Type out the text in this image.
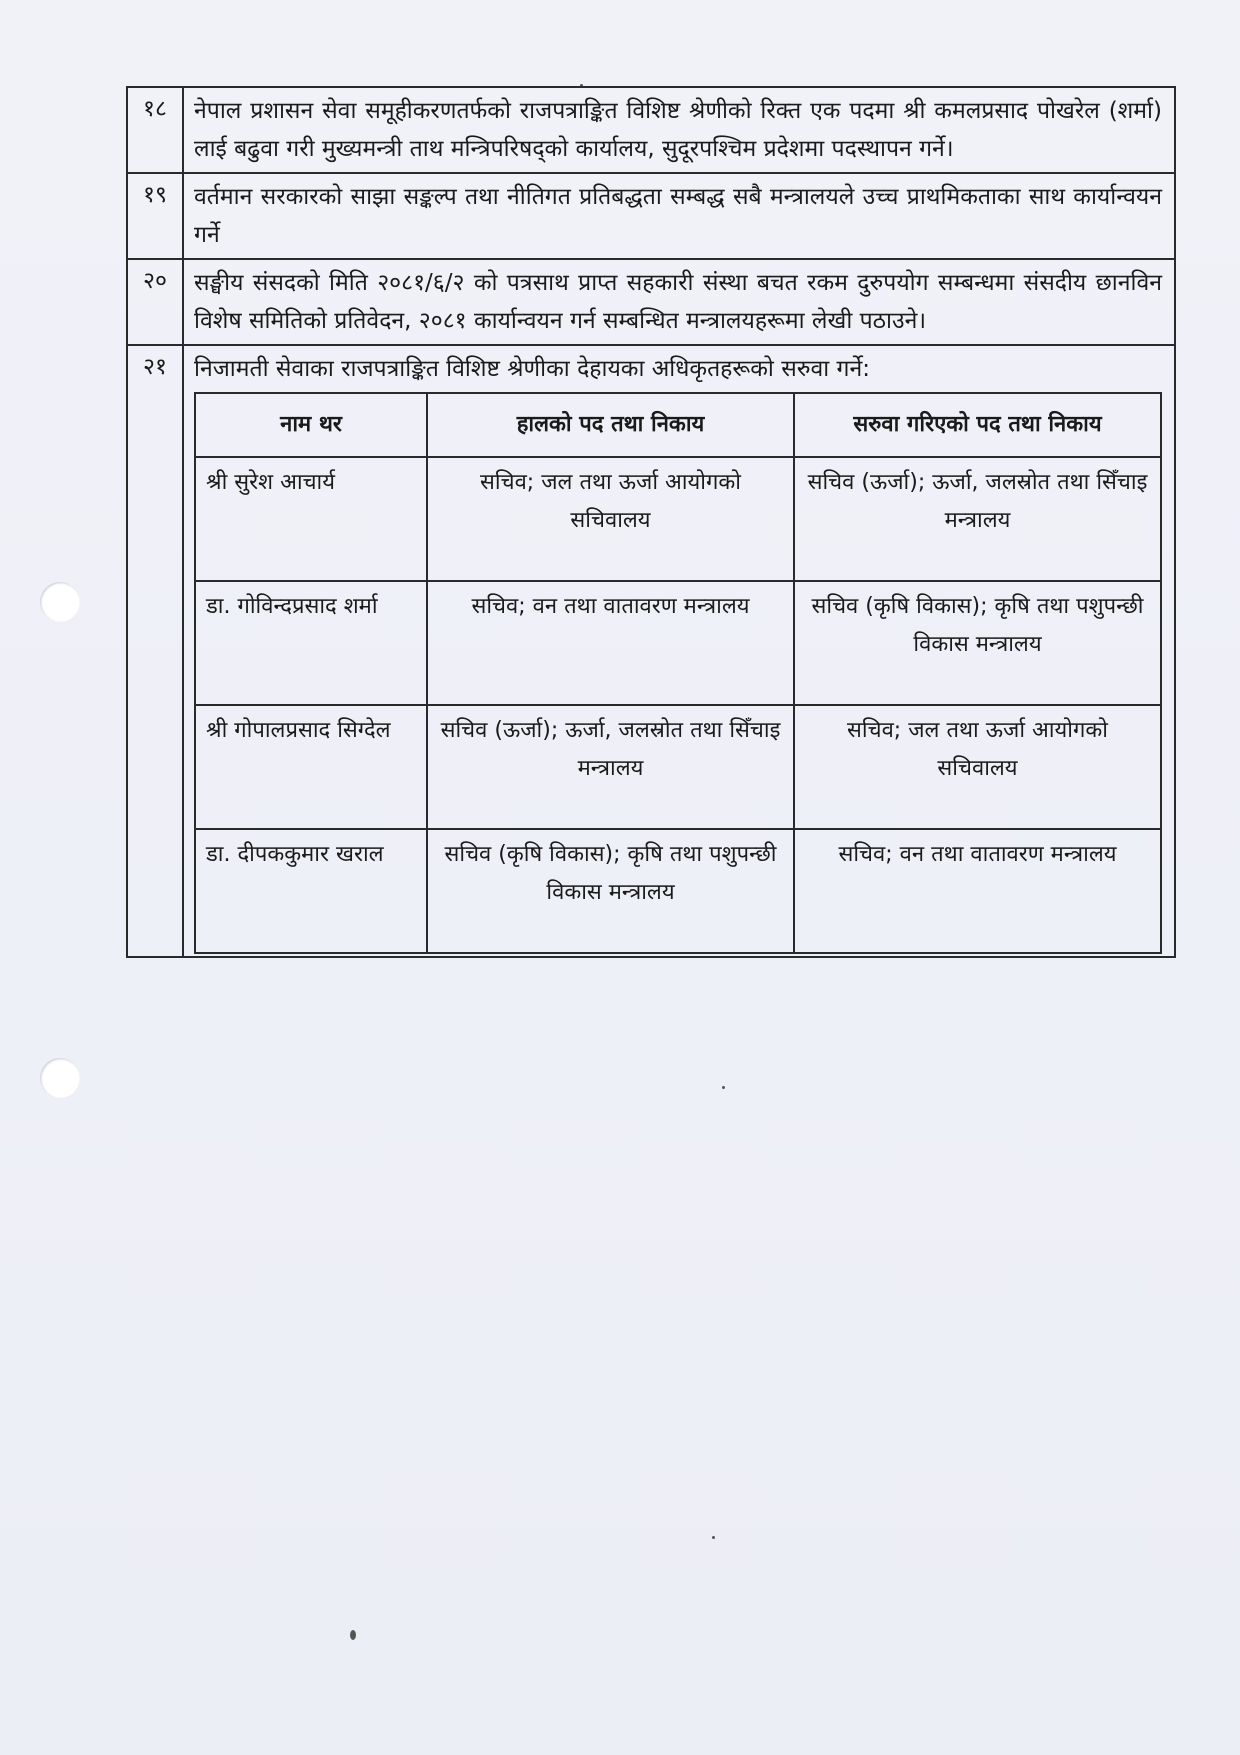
१८	नेपाल प्रशासन सेवा समूहीकरणतर्फको राजपत्राङ्कित विशिष्ट श्रेणीको रिक्त एक पदमा श्री कमलप्रसाद पोखरेल (शर्मा) लाई बढुवा गरी मुख्यमन्त्री ताथ मन्त्रिपरिषद्को कार्यालय, सुदूरपश्चिम प्रदेशमा पदस्थापन गर्ने।
१९	वर्तमान सरकारको साझा सङ्कल्प तथा नीतिगत प्रतिबद्धता सम्बद्ध सबै मन्त्रालयले उच्च प्राथमिकताका साथ कार्यान्वयन गर्ने
२०	सङ्घीय संसदको मिति २०८१/६/२ को पत्रसाथ प्राप्त सहकारी संस्था बचत रकम दुरुपयोग सम्बन्धमा संसदीय छानविन विशेष समितिको प्रतिवेदन, २०८१ कार्यान्वयन गर्न सम्बन्धित मन्त्रालयहरूमा लेखी पठाउने।
२१	निजामती सेवाका राजपत्राङ्कित विशिष्ट श्रेणीका देहायका अधिकृतहरूको सरुवा गर्ने:
नाम थर	हालको पद तथा निकाय	सरुवा गरिएको पद तथा निकाय
श्री सुरेश आचार्य	सचिव; जल तथा ऊर्जा आयोगको सचिवालय	सचिव (ऊर्जा); ऊर्जा, जलस्रोत तथा सिँचाइ मन्त्रालय
डा. गोविन्दप्रसाद शर्मा	सचिव; वन तथा वातावरण मन्त्रालय	सचिव (कृषि विकास); कृषि तथा पशुपन्छी विकास मन्त्रालय
श्री गोपालप्रसाद सिग्देल	सचिव (ऊर्जा); ऊर्जा, जलस्रोत तथा सिँचाइ मन्त्रालय	सचिव; जल तथा ऊर्जा आयोगको सचिवालय
डा. दीपककुमार खराल	सचिव (कृषि विकास); कृषि तथा पशुपन्छी विकास मन्त्रालय	सचिव; वन तथा वातावरण मन्त्रालय
